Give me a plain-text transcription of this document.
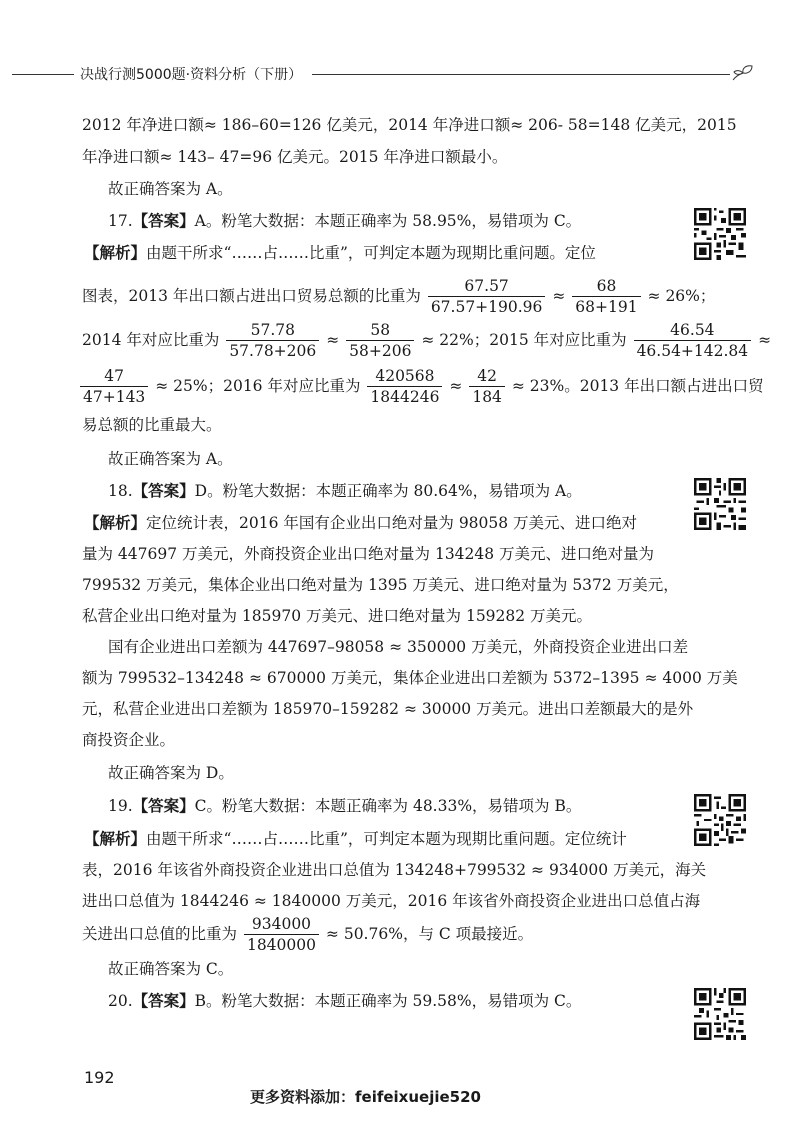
决战行测5000题·资料分析（下册）
2012 年净进口额≈ 186–60=126 亿美元，2014 年净进口额≈ 206- 58=148 亿美元，2015
年净进口额≈ 143– 47=96 亿美元。2015 年净进口额最小。
故正确答案为 A。
17.【答案】A。粉笔大数据：本题正确率为 58.95%，易错项为 C。
【解析】由题干所求“……占……比重”，可判定本题为现期比重问题。定位
图表，2013 年出口额占进出口贸易总额的比重为 $\frac{67.57}{67.57+190.96} \approx \frac{68}{68+191} \approx 26\%$；
2014 年对应比重为 $\frac{57.78}{57.78+206} \approx \frac{58}{58+206} \approx 22\%$；2015 年对应比重为 $\frac{46.54}{46.54+142.84}$ ≈
$\frac{47}{47+143} \approx 25\%$；2016 年对应比重为 $\frac{420568}{1844246} \approx \frac{42}{184} \approx 23\%$。2013 年出口额占进出口贸
易总额的比重最大。
故正确答案为 A。
18.【答案】D。粉笔大数据：本题正确率为 80.64%，易错项为 A。
【解析】定位统计表，2016 年国有企业出口绝对量为 98058 万美元、进口绝对
量为 447697 万美元，外商投资企业出口绝对量为 134248 万美元、进口绝对量为
799532 万美元，集体企业出口绝对量为 1395 万美元、进口绝对量为 5372 万美元，
私营企业出口绝对量为 185970 万美元、进口绝对量为 159282 万美元。
国有企业进出口差额为 447697–98058 ≈ 350000 万美元，外商投资企业进出口差
额为 799532–134248 ≈ 670000 万美元，集体企业进出口差额为 5372–1395 ≈ 4000 万美
元，私营企业进出口差额为 185970–159282 ≈ 30000 万美元。进出口差额最大的是外
商投资企业。
故正确答案为 D。
19.【答案】C。粉笔大数据：本题正确率为 48.33%，易错项为 B。
【解析】由题干所求“……占……比重”，可判定本题为现期比重问题。定位统计
表，2016 年该省外商投资企业进出口总值为 134248+799532 ≈ 934000 万美元，海关
进出口总值为 1844246 ≈ 1840000 万美元，2016 年该省外商投资企业进出口总值占海
关进出口总值的比重为 $\frac{934000}{1840000} \approx 50.76\%$，与 C 项最接近。
故正确答案为 C。
20.【答案】B。粉笔大数据：本题正确率为 59.58%，易错项为 C。
192
更多资料添加：feifeixuejie520
